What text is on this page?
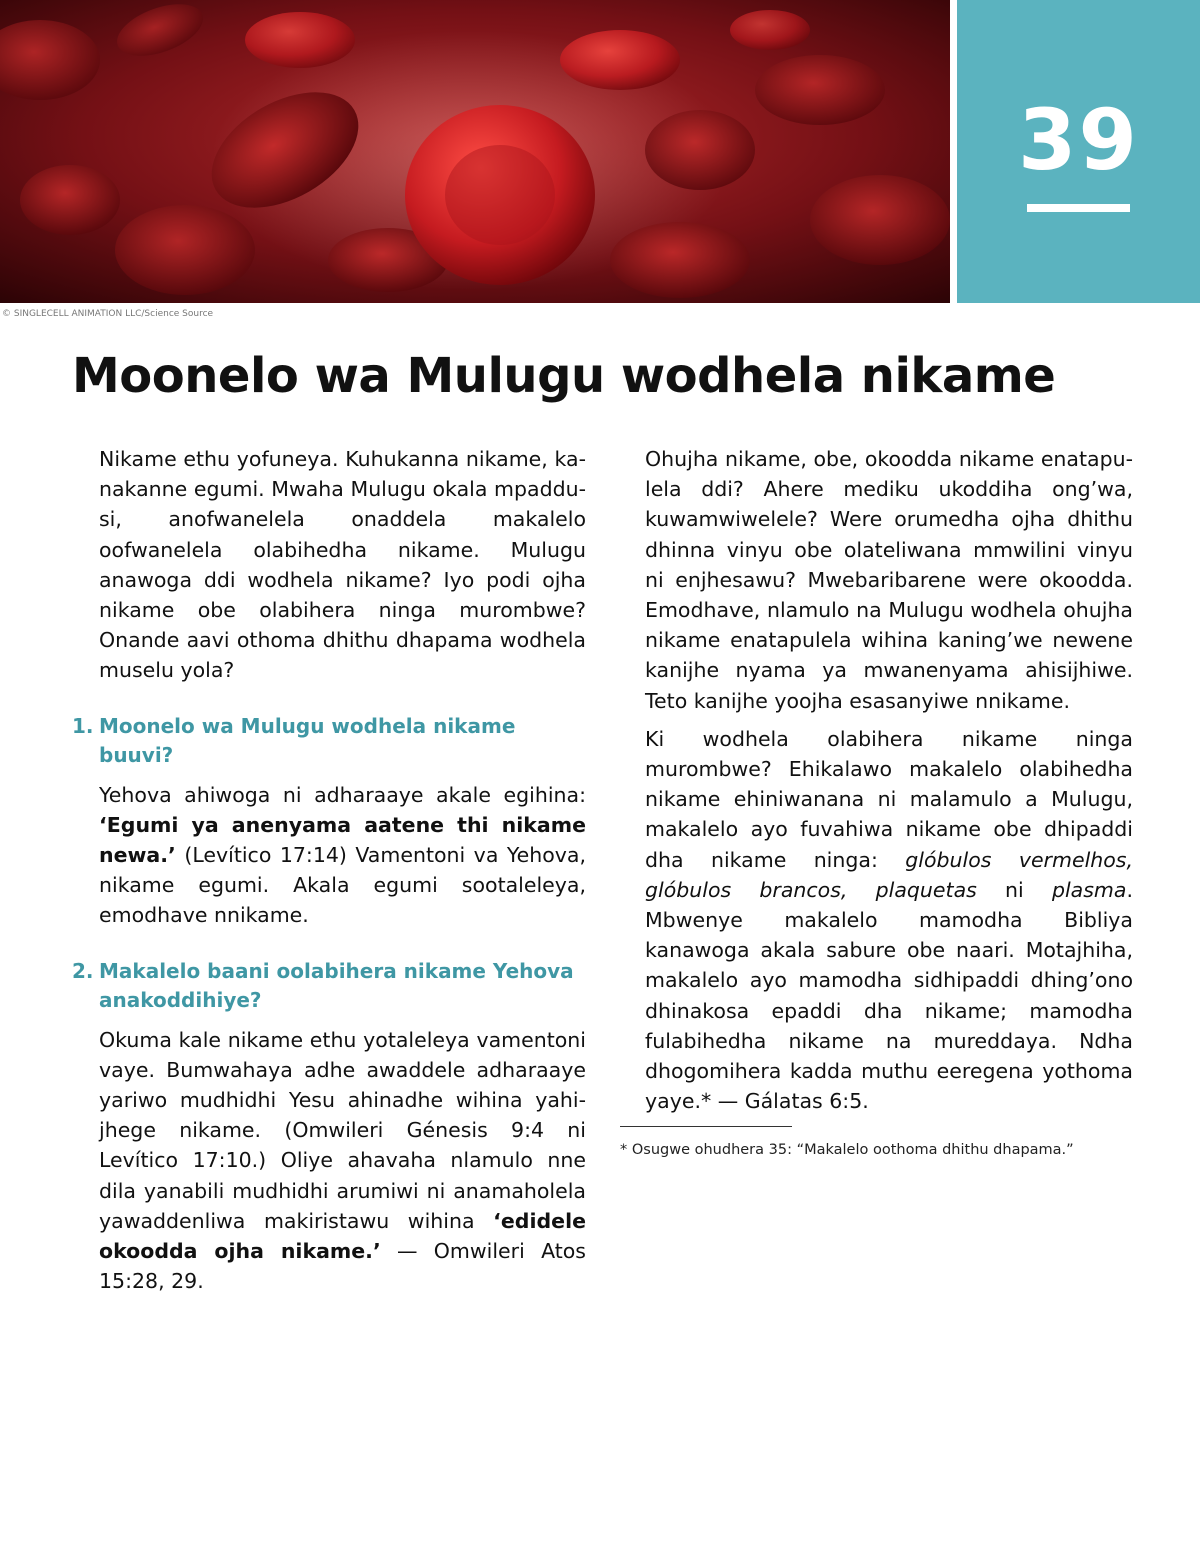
39
© SINGLECELL ANIMATION LLC/Science Source
Moonelo wa Mulugu wodhela nikame

Nikame ethu yofuneya. Kuhukanna nikame, kanakanne egumi. Mwaha Mulugu okala mpaddusi, anofwanelela onaddela makalelo oofwanelela olabihedha nikame. Mulugu anawoga ddi wodhela nikame? Iyo podi ojha nikame obe olabihera ninga murombwe? Onande aavi othoma dhithu dhapama wodhela muselu yola?

1. Moonelo wa Mulugu wodhela nikame buuvi?

Yehova ahiwoga ni adharaaye akale egihina: ‘Egumi ya anenyama aatene thi nikame newa.’ (Levítico 17:14) Vamentoni va Yehova, nikame egumi. Akala egumi sootaleleya, emodhave nnikame.

2. Makalelo baani oolabihera nikame Yehova anakoddihiye?

Okuma kale nikame ethu yotaleleya vamentoni vaye. Bumwahaya adhe awaddele adharaaye yariwo mudhidhi Yesu ahinadhe wihina yahijhege nikame. (Omwileri Génesis 9:4 ni Levítico 17:10.) Oliye ahavaha nlamulo nne dila yanabili mudhidhi arumiwi ni anamaholela yawaddenliwa makiristawu wihina ‘edidele okoodda ojha nikame.’ — Omwileri Atos 15:28, 29.

Ohujha nikame, obe, okoodda nikame enatapulela ddi? Ahere mediku ukoddiha ong’wa, kuwamwiwelele? Were orumedha ojha dhithu dhinna vinyu obe olateliwana mmwilini vinyu ni enjhesawu? Mwebaribarene were okoodda. Emodhave, nlamulo na Mulugu wodhela ohujha nikame enatapulela wihina kaning’we newene kanijhe nyama ya mwanenyama ahisijhiwe. Teto kanijhe yoojha esasanyiwe nnikame.

Ki wodhela olabihera nikame ninga murombwe? Ehikalawo makalelo olabihedha nikame ehiniwanana ni malamulo a Mulugu, makalelo ayo fuvahiwa nikame obe dhipaddi dha nikame ninga: glóbulos vermelhos, glóbulos brancos, plaquetas ni plasma. Mbwenye makalelo mamodha Bibliya kanawoga akala sabure obe naari. Motajhiha, makalelo ayo mamodha sidhipaddi dhing’ono dhinakosa epaddi dha nikame; mamodha fulabihedha nikame na mureddaya. Ndha dhogomihera kadda muthu eeregena yothoma yaye.* — Gálatas 6:5.

* Osugwe ohudhera 35: “Makalelo oothoma dhithu dhapama.”
